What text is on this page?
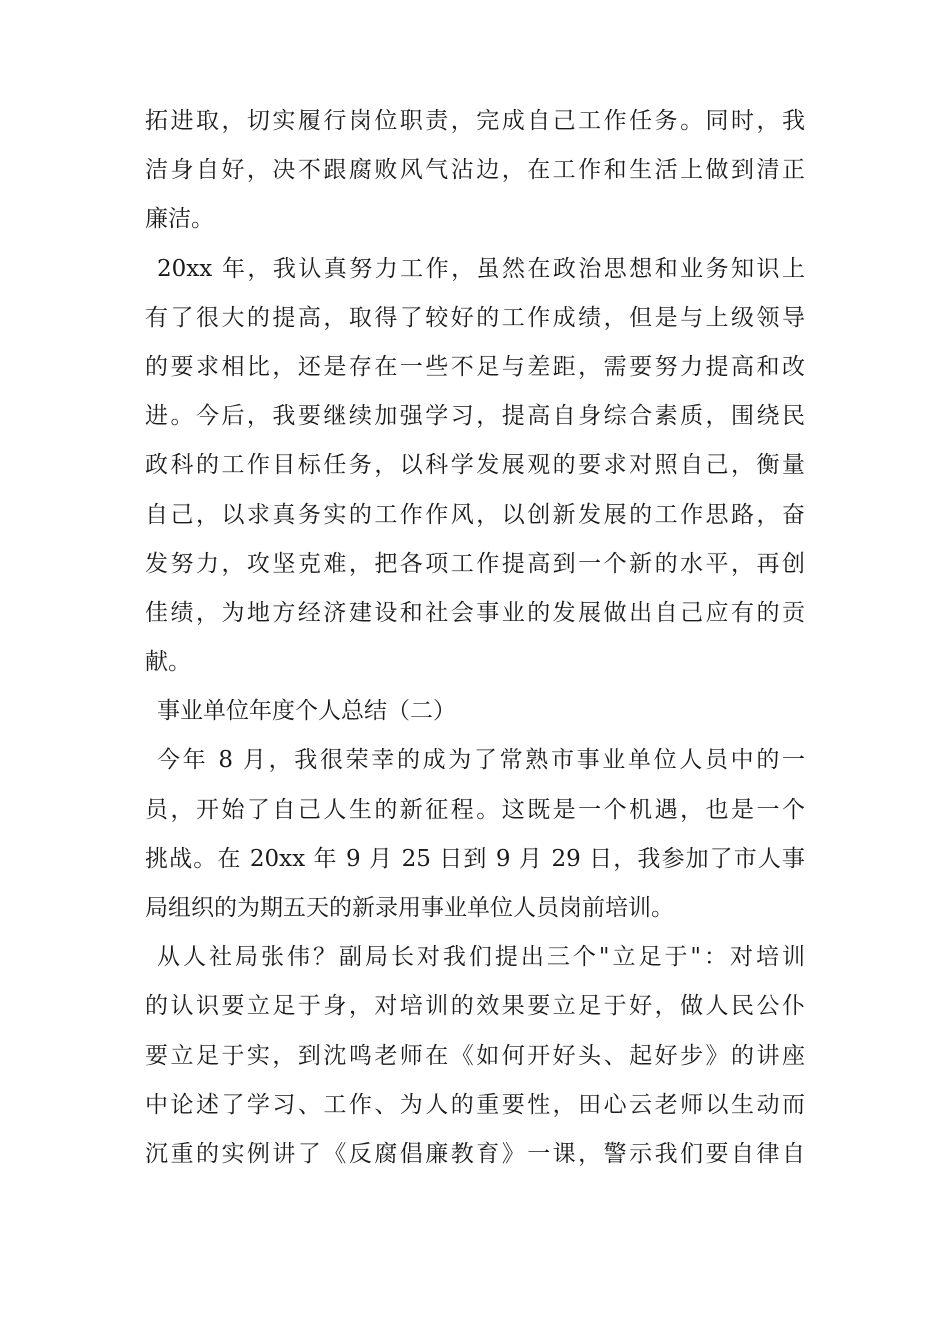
拓进取，切实履行岗位职责，完成自己工作任务。同时，我
洁身自好，决不跟腐败风气沾边，在工作和生活上做到清正
廉洁。
20xx 年，我认真努力工作，虽然在政治思想和业务知识上
有了很大的提高，取得了较好的工作成绩，但是与上级领导
的要求相比，还是存在一些不足与差距，需要努力提高和改
进。今后，我要继续加强学习，提高自身综合素质，围绕民
政科的工作目标任务，以科学发展观的要求对照自己，衡量
自己，以求真务实的工作作风，以创新发展的工作思路，奋
发努力，攻坚克难，把各项工作提高到一个新的水平，再创
佳绩，为地方经济建设和社会事业的发展做出自己应有的贡
献。
事业单位年度个人总结（二）
今年 8 月，我很荣幸的成为了常熟市事业单位人员中的一
员，开始了自己人生的新征程。这既是一个机遇，也是一个
挑战。在 20xx 年 9 月 25 日到 9 月 29 日，我参加了市人事
局组织的为期五天的新录用事业单位人员岗前培训。
从人社局张伟？副局长对我们提出三个"立足于"：对培训
的认识要立足于身，对培训的效果要立足于好，做人民公仆
要立足于实，到沈鸣老师在《如何开好头、起好步》的讲座
中论述了学习、工作、为人的重要性，田心云老师以生动而
沉重的实例讲了《反腐倡廉教育》一课，警示我们要自律自
